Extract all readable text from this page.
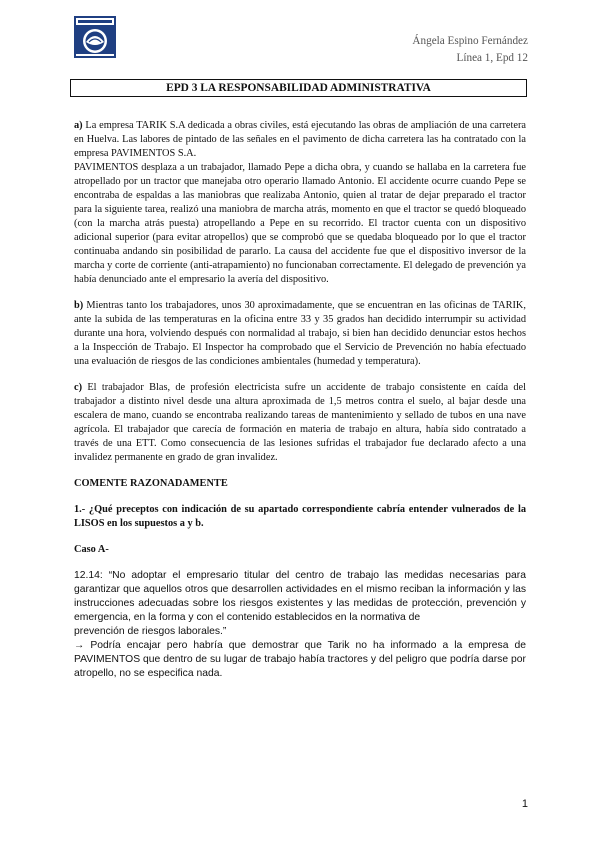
Ángela Espino Fernández
Línea 1, Epd 12
EPD 3 LA RESPONSABILIDAD ADMINISTRATIVA

a) La empresa TARIK S.A dedicada a obras civiles, está ejecutando las obras de ampliación de una carretera en Huelva. Las labores de pintado de las señales en el pavimento de dicha carretera las ha contratado con la empresa PAVIMENTOS S.A.

PAVIMENTOS desplaza a un trabajador, llamado Pepe a dicha obra, y cuando se hallaba en la carretera fue atropellado por un tractor que manejaba otro operario llamado Antonio. El accidente ocurre cuando Pepe se encontraba de espaldas a las maniobras que realizaba Antonio, quien al tratar de dejar preparado el tractor para la siguiente tarea, realizó una maniobra de marcha atrás, momento en que el tractor se quedó bloqueado (con la marcha atrás puesta) atropellando a Pepe en su recorrido. El tractor cuenta con un dispositivo adicional superior (para evitar atropellos) que se comprobó que se quedaba bloqueado por lo que el tractor continuaba andando sin posibilidad de pararlo. La causa del accidente fue que el dispositivo inversor de la marcha y corte de corriente (anti-atrapamiento) no funcionaban correctamente. El delegado de prevención ya había denunciado ante el empresario la avería del dispositivo.

b) Mientras tanto los trabajadores, unos 30 aproximadamente, que se encuentran en las oficinas de TARIK, ante la subida de las temperaturas en la oficina entre 33 y 35 grados han decidido interrumpir su actividad durante una hora, volviendo después con normalidad al trabajo, si bien han decidido denunciar estos hechos a la Inspección de Trabajo. El Inspector ha comprobado que el Servicio de Prevención no había efectuado una evaluación de riesgos de las condiciones ambientales (humedad y temperatura).

c) El trabajador Blas, de profesión electricista sufre un accidente de trabajo consistente en caída del trabajador a distinto nivel desde una altura aproximada de 1,5 metros contra el suelo, al bajar desde una escalera de mano, cuando se encontraba realizando tareas de mantenimiento y sellado de tubos en una nave agrícola. El trabajador que carecía de formación en materia de trabajo en altura, había sido contratado a través de una ETT. Como consecuencia de las lesiones sufridas el trabajador fue declarado afecto a una invalidez permanente en grado de gran invalidez.

COMENTE RAZONADAMENTE

1.- ¿Qué preceptos con indicación de su apartado correspondiente cabría entender vulnerados de la LISOS en los supuestos a y b.

Caso A-

12.14: “No adoptar el empresario titular del centro de trabajo las medidas necesarias para garantizar que aquellos otros que desarrollen actividades en el mismo reciban la información y las instrucciones adecuadas sobre los riesgos existentes y las medidas de protección, prevención y emergencia, en la forma y con el contenido establecidos en la normativa de

prevención de riesgos laborales.”

→ Podría encajar pero habría que demostrar que Tarik no ha informado a la empresa de PAVIMENTOS que dentro de su lugar de trabajo había tractores y del peligro que podría darse por atropello, no se especifica nada.

1
